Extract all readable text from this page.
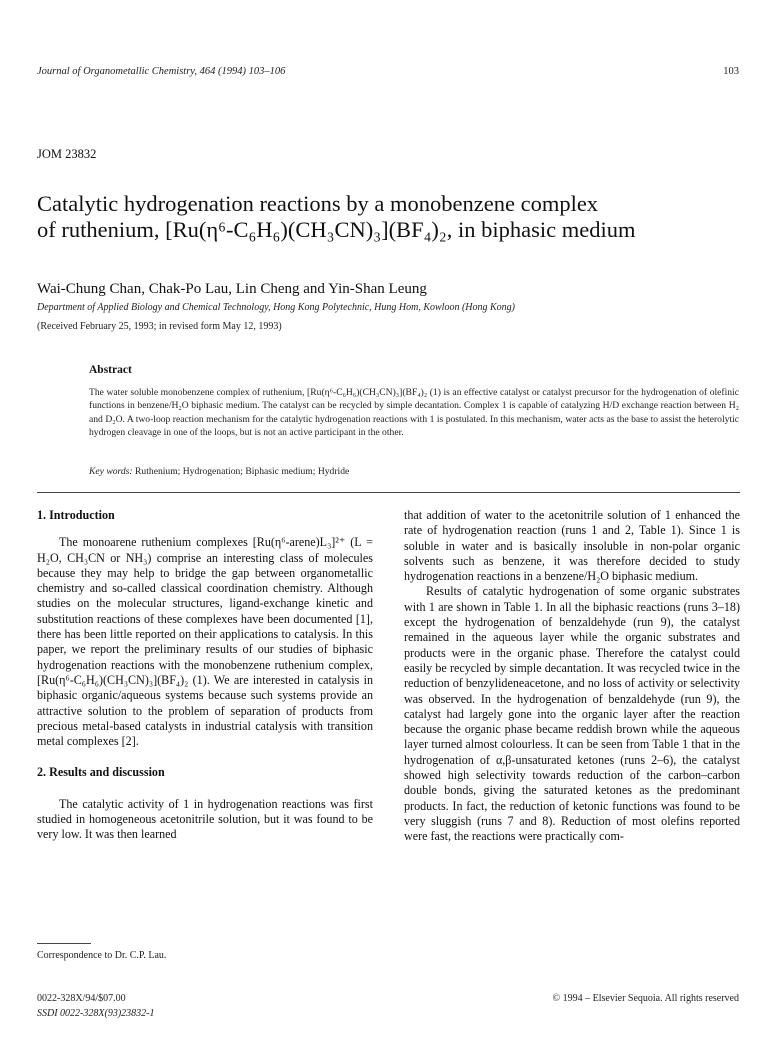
Journal of Organometallic Chemistry, 464 (1994) 103–106	103
JOM 23832
Catalytic hydrogenation reactions by a monobenzene complex
of ruthenium, [Ru(η⁶-C₆H₆)(CH₃CN)₃](BF₄)₂, in biphasic medium
Wai-Chung Chan, Chak-Po Lau, Lin Cheng and Yin-Shan Leung
Department of Applied Biology and Chemical Technology, Hong Kong Polytechnic, Hung Hom, Kowloon (Hong Kong)
(Received February 25, 1993; in revised form May 12, 1993)
Abstract
The water soluble monobenzene complex of ruthenium, [Ru(η⁶-C₆H₆)(CH₃CN)₃](BF₄)₂ (1) is an effective catalyst or catalyst precursor for the hydrogenation of olefinic functions in benzene/H₂O biphasic medium. The catalyst can be recycled by simple decantation. Complex 1 is capable of catalyzing H/D exchange reaction between H₂ and D₂O. A two-loop reaction mechanism for the catalytic hydrogenation reactions with 1 is postulated. In this mechanism, water acts as the base to assist the heterolytic hydrogen cleavage in one of the loops, but is not an active participant in the other.
Key words: Ruthenium; Hydrogenation; Biphasic medium; Hydride
1. Introduction

The monoarene ruthenium complexes [Ru(η⁶-arene)L₃]²⁺ (L = H₂O, CH₃CN or NH₃) comprise an interesting class of molecules because they may help to bridge the gap between organometallic chemistry and so-called classical coordination chemistry. Although studies on the molecular structures, ligand-exchange kinetic and substitution reactions of these complexes have been documented [1], there has been little reported on their applications to catalysis. In this paper, we report the preliminary results of our studies of biphasic hydrogenation reactions with the monobenzene ruthenium complex, [Ru(η⁶-C₆H₆)(CH₃CN)₃](BF₄)₂ (1). We are interested in catalysis in biphasic organic/aqueous systems because such systems provide an attractive solution to the problem of separation of products from precious metal-based catalysts in industrial catalysis with transition metal complexes [2].

2. Results and discussion

The catalytic activity of 1 in hydrogenation reactions was first studied in homogeneous acetonitrile solution, but it was found to be very low. It was then learned

that addition of water to the acetonitrile solution of 1 enhanced the rate of hydrogenation reaction (runs 1 and 2, Table 1). Since 1 is soluble in water and is basically insoluble in non-polar organic solvents such as benzene, it was therefore decided to study hydrogenation reactions in a benzene/H₂O biphasic medium.

Results of catalytic hydrogenation of some organic substrates with 1 are shown in Table 1. In all the biphasic reactions (runs 3–18) except the hydrogenation of benzaldehyde (run 9), the catalyst remained in the aqueous layer while the organic substrates and products were in the organic phase. Therefore the catalyst could easily be recycled by simple decantation. It was recycled twice in the reduction of benzylideneacetone, and no loss of activity or selectivity was observed. In the hydrogenation of benzaldehyde (run 9), the catalyst had largely gone into the organic layer after the reaction because the organic phase became reddish brown while the aqueous layer turned almost colourless. It can be seen from Table 1 that in the hydrogenation of α,β-unsaturated ketones (runs 2–6), the catalyst showed high selectivity towards reduction of the carbon–carbon double bonds, giving the saturated ketones as the predominant products. In fact, the reduction of ketonic functions was found to be very sluggish (runs 7 and 8). Reduction of most olefins reported were fast, the reactions were practically com-

Correspondence to Dr. C.P. Lau.
0022-328X/94/$07.00
SSDI 0022-328X(93)23832-1
© 1994 – Elsevier Sequoia. All rights reserved
